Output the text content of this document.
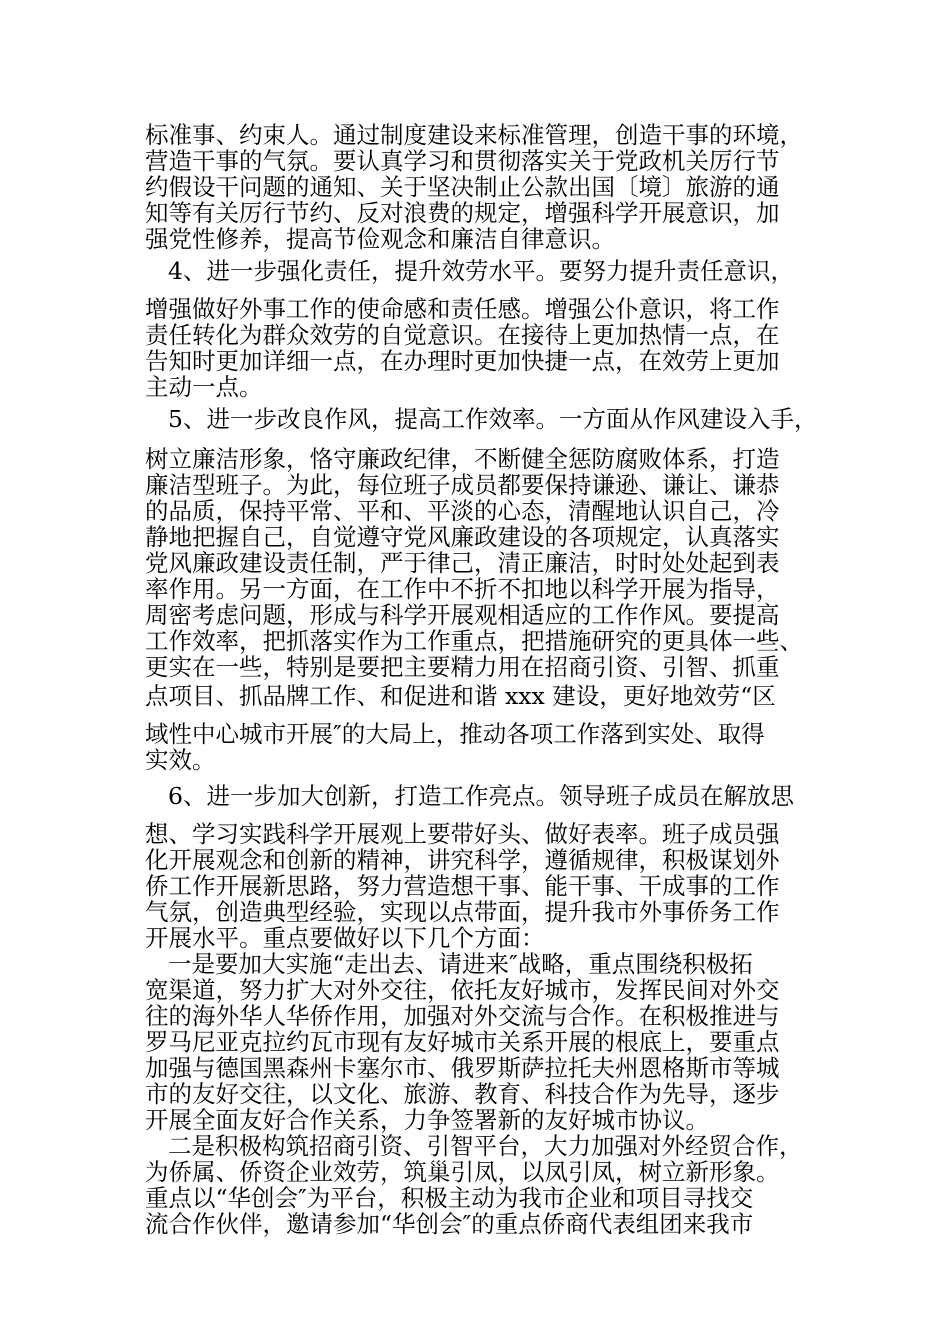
标准事、约束人。通过制度建设来标准管理，创造干事的环境，
营造干事的气氛。要认真学习和贯彻落实关于党政机关厉行节
约假设干问题的通知、关于坚决制止公款出国〔境〕旅游的通
知等有关厉行节约、反对浪费的规定，增强科学开展意识，加
强党性修养，提高节俭观念和廉洁自律意识。
4、进一步强化责任，提升效劳水平。要努力提升责任意识，
增强做好外事工作的使命感和责任感。增强公仆意识，将工作
责任转化为群众效劳的自觉意识。在接待上更加热情一点，在
告知时更加详细一点，在办理时更加快捷一点，在效劳上更加
主动一点。
5、进一步改良作风，提高工作效率。一方面从作风建设入手，
树立廉洁形象，恪守廉政纪律，不断健全惩防腐败体系，打造
廉洁型班子。为此，每位班子成员都要保持谦逊、谦让、谦恭
的品质，保持平常、平和、平淡的心态，清醒地认识自己，冷
静地把握自己，自觉遵守党风廉政建设的各项规定，认真落实
党风廉政建设责任制，严于律己，清正廉洁，时时处处起到表
率作用。另一方面，在工作中不折不扣地以科学开展为指导，
周密考虑问题，形成与科学开展观相适应的工作作风。要提高
工作效率，把抓落实作为工作重点，把措施研究的更具体一些、
更实在一些，特别是要把主要精力用在招商引资、引智、抓重
点项目、抓品牌工作、和促进和谐 xxx 建设，更好地效劳“区
域性中心城市开展″的大局上，推动各项工作落到实处、取得
实效。
6、进一步加大创新，打造工作亮点。领导班子成员在解放思
想、学习实践科学开展观上要带好头、做好表率。班子成员强
化开展观念和创新的精神，讲究科学，遵循规律，积极谋划外
侨工作开展新思路，努力营造想干事、能干事、干成事的工作
气氛，创造典型经验，实现以点带面，提升我市外事侨务工作
开展水平。重点要做好以下几个方面：
一是要加大实施“走出去、请进来″战略，重点围绕积极拓
宽渠道，努力扩大对外交往，依托友好城市，发挥民间对外交
往的海外华人华侨作用，加强对外交流与合作。在积极推进与
罗马尼亚克拉约瓦市现有友好城市关系开展的根底上，要重点
加强与德国黑森州卡塞尔市、俄罗斯萨拉托夫州恩格斯市等城
市的友好交往，以文化、旅游、教育、科技合作为先导，逐步
开展全面友好合作关系，力争签署新的友好城市协议。
二是积极构筑招商引资、引智平台，大力加强对外经贸合作，
为侨属、侨资企业效劳，筑巢引凤，以凤引凤，树立新形象。
重点以“华创会″为平台，积极主动为我市企业和项目寻找交
流合作伙伴，邀请参加“华创会″的重点侨商代表组团来我市
